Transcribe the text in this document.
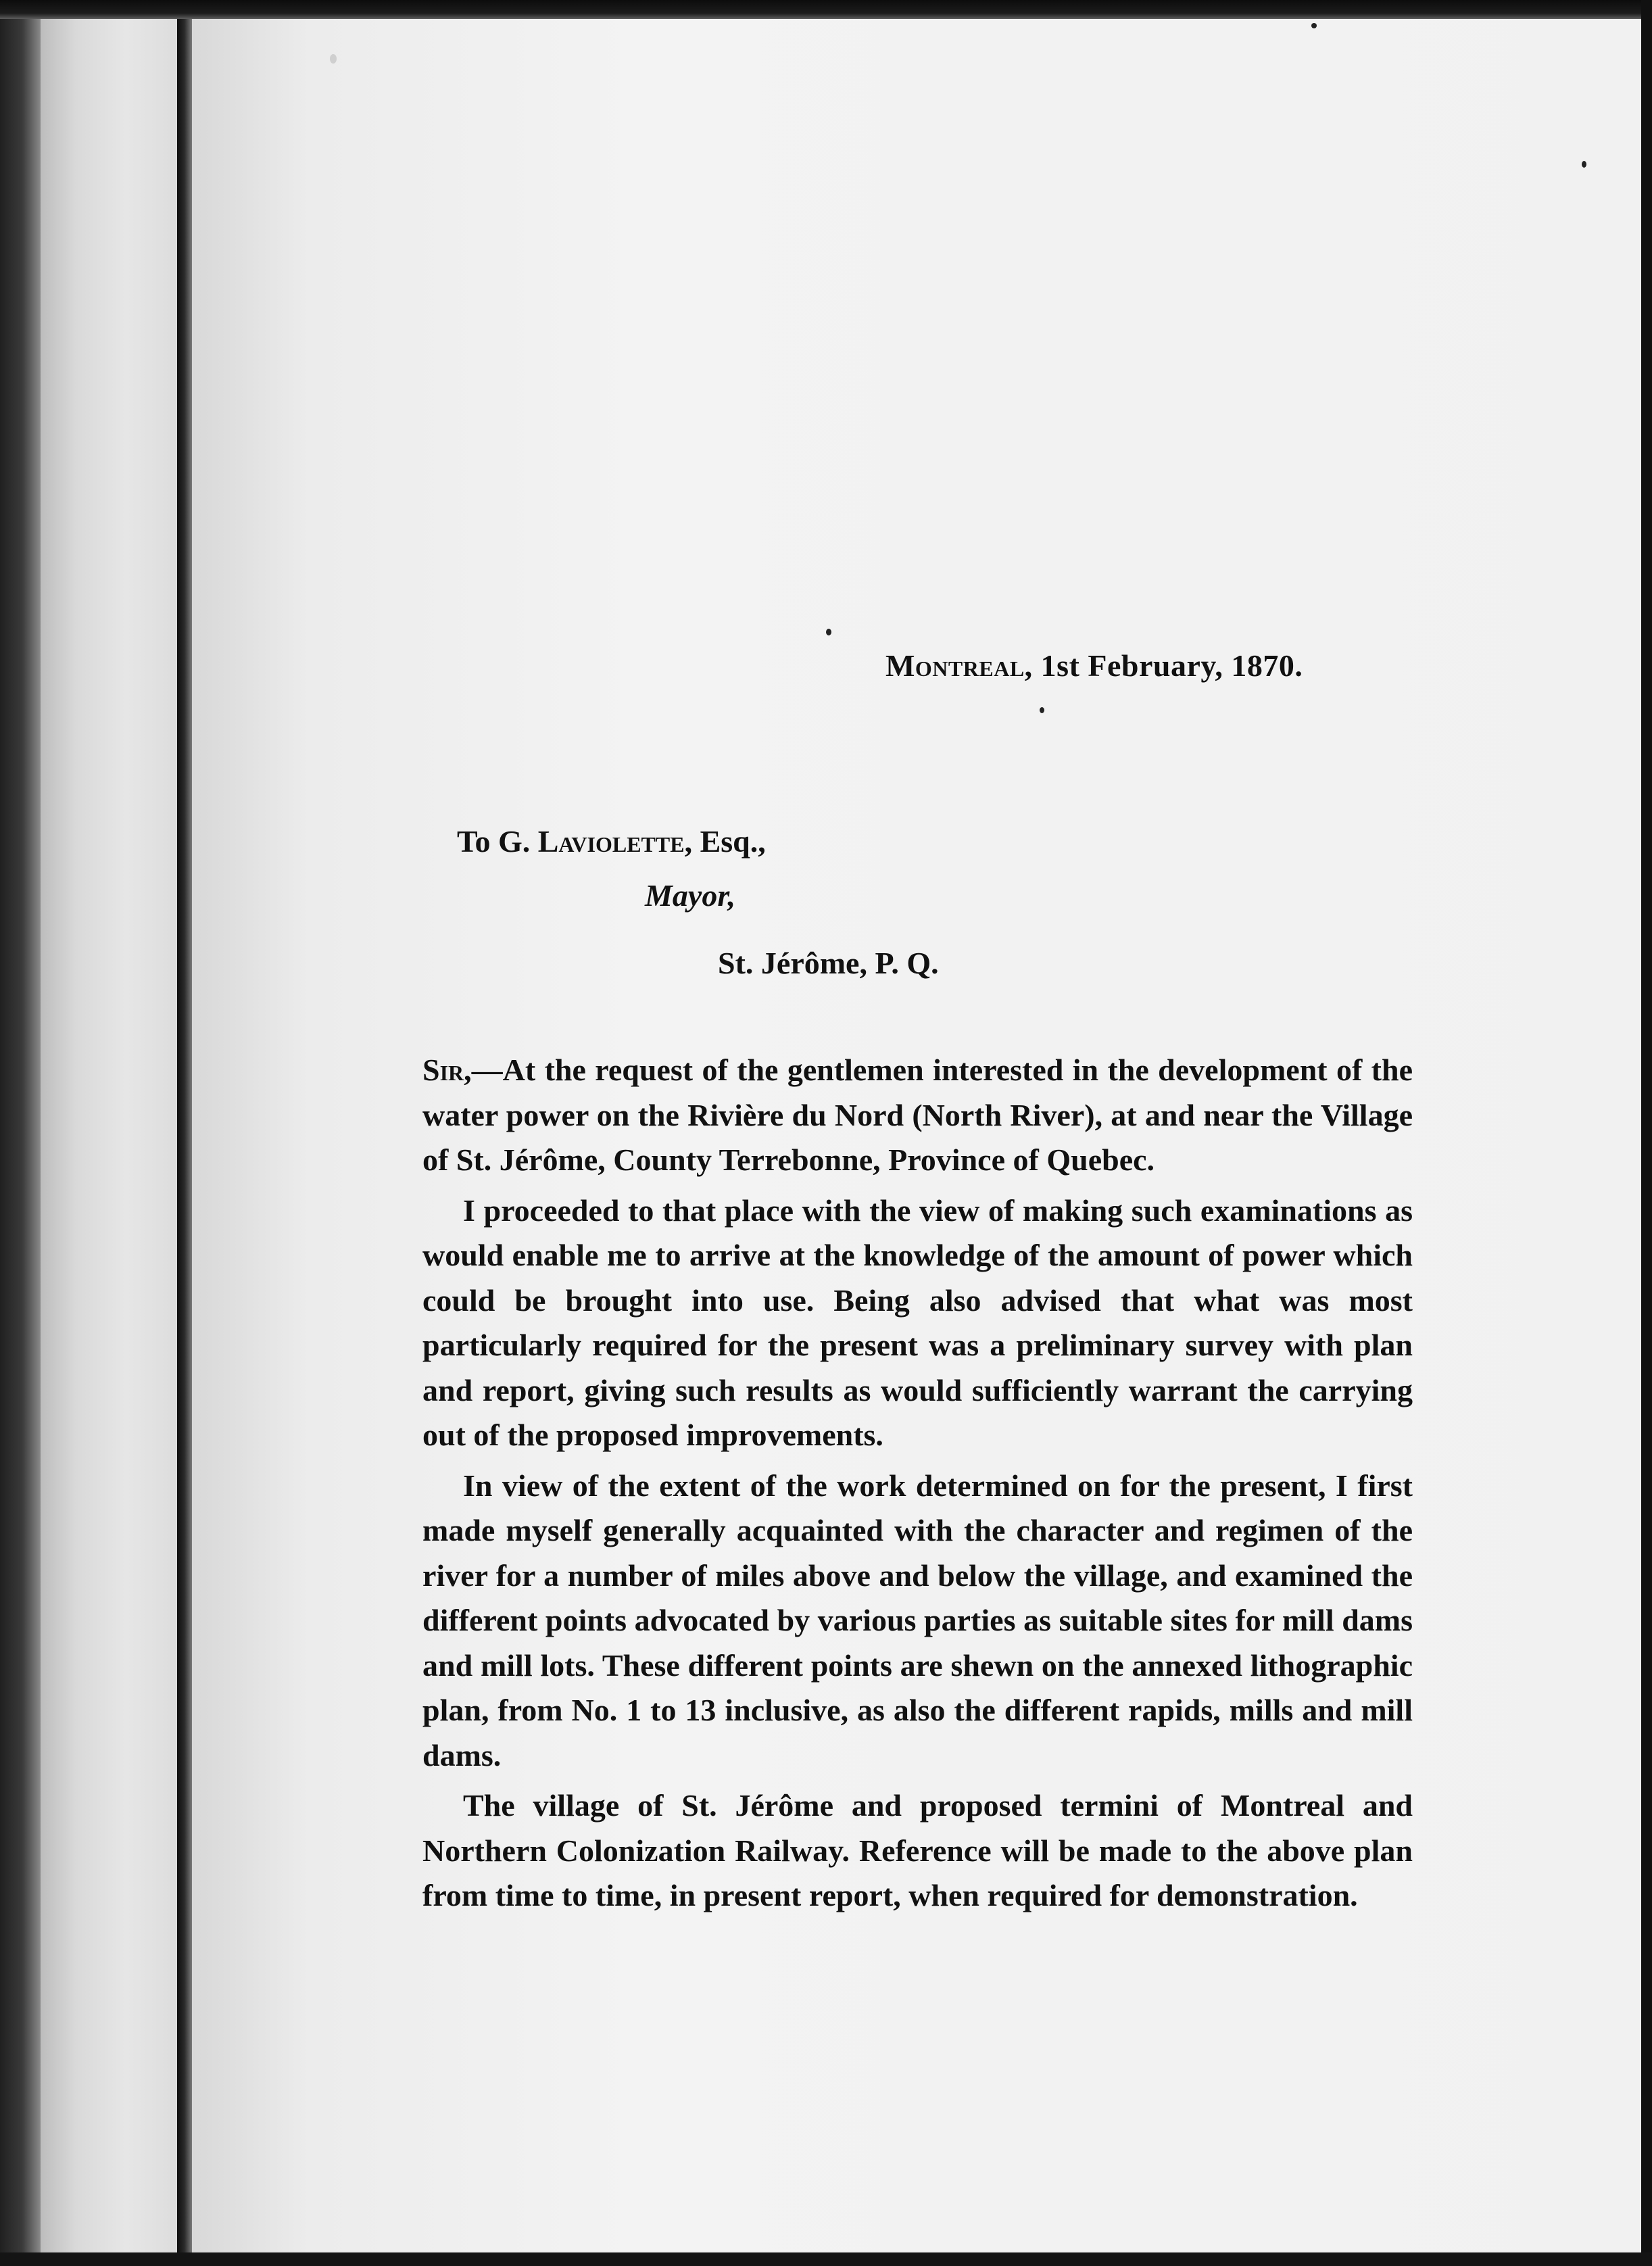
Montreal, 1st February, 1870.
To G. Laviolette, Esq.,
Mayor,
St. Jérôme, P. Q.

Sir,—At the request of the gentlemen interested in the development of the water power on the Rivière du Nord (North River), at and near the Village of St. Jérôme, County Terrebonne, Province of Quebec.

I proceeded to that place with the view of making such examinations as would enable me to arrive at the knowledge of the amount of power which could be brought into use. Being also advised that what was most particularly required for the present was a preliminary survey with plan and report, giving such results as would sufficiently warrant the carrying out of the proposed improvements.

In view of the extent of the work determined on for the present, I first made myself generally acquainted with the character and regimen of the river for a number of miles above and below the village, and examined the different points advocated by various parties as suitable sites for mill dams and mill lots. These different points are shewn on the annexed lithographic plan, from No. 1 to 13 inclusive, as also the different rapids, mills and mill dams.

The village of St. Jérôme and proposed termini of Montreal and Northern Colonization Railway. Reference will be made to the above plan from time to time, in present report, when required for demonstration.
